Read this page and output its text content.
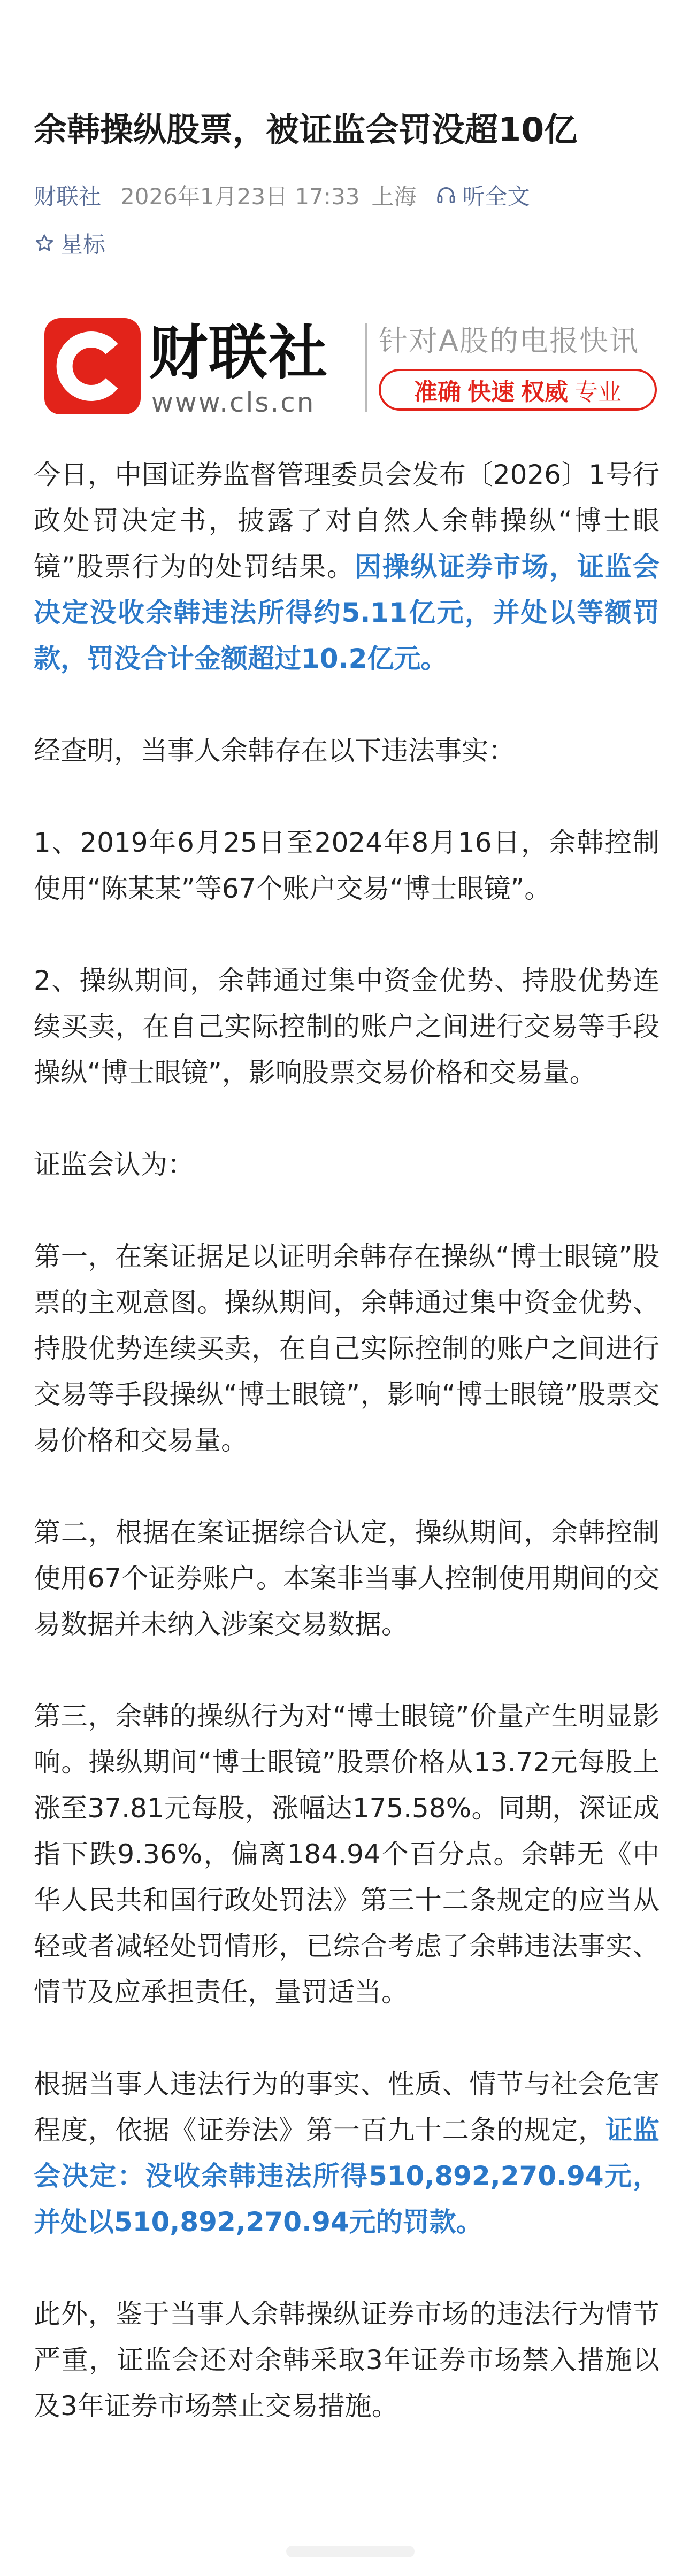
余韩操纵股票，被证监会罚没超10亿
财联社 2026年1月23日 17:33 上海 听全文
星标
财联社
www.cls.cn
针对A股的电报快讯
准确 快速 权威 专业

今日，中国证券监督管理委员会发布〔2026〕1号行政处罚决定书，披露了对自然人余韩操纵“博士眼镜”股票行为的处罚结果。因操纵证券市场，证监会决定没收余韩违法所得约5.11亿元，并处以等额罚款，罚没合计金额超过10.2亿元。

经查明，当事人余韩存在以下违法事实：

1、2019年6月25日至2024年8月16日，余韩控制使用“陈某某”等67个账户交易“博士眼镜”。

2、操纵期间，余韩通过集中资金优势、持股优势连续买卖，在自己实际控制的账户之间进行交易等手段操纵“博士眼镜”，影响股票交易价格和交易量。

证监会认为：

第一，在案证据足以证明余韩存在操纵“博士眼镜”股票的主观意图。操纵期间，余韩通过集中资金优势、持股优势连续买卖，在自己实际控制的账户之间进行交易等手段操纵“博士眼镜”，影响“博士眼镜”股票交易价格和交易量。

第二，根据在案证据综合认定，操纵期间，余韩控制使用67个证券账户。本案非当事人控制使用期间的交易数据并未纳入涉案交易数据。

第三，余韩的操纵行为对“博士眼镜”价量产生明显影响。操纵期间“博士眼镜”股票价格从13.72元每股上涨至37.81元每股，涨幅达175.58%。同期，深证成指下跌9.36%，偏离184.94个百分点。余韩无《中华人民共和国行政处罚法》第三十二条规定的应当从轻或者减轻处罚情形，已综合考虑了余韩违法事实、情节及应承担责任，量罚适当。

根据当事人违法行为的事实、性质、情节与社会危害程度，依据《证券法》第一百九十二条的规定，证监会决定：没收余韩违法所得510,892,270.94元，并处以510,892,270.94元的罚款。

此外，鉴于当事人余韩操纵证券市场的违法行为情节严重，证监会还对余韩采取3年证券市场禁入措施以及3年证券市场禁止交易措施。
